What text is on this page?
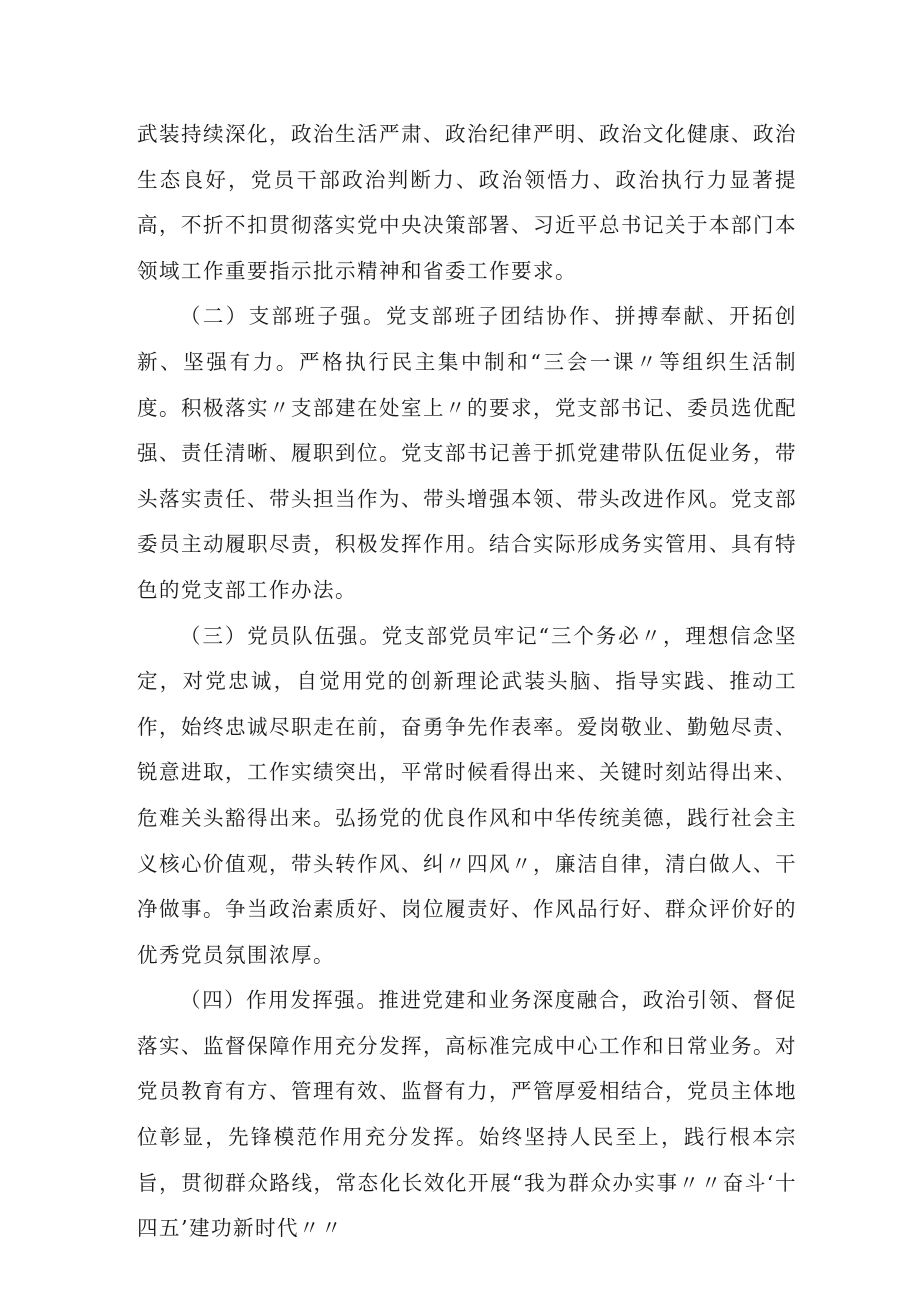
武装持续深化，政治生活严肃、政治纪律严明、政治文化健康、政治生态良好，党员干部政治判断力、政治领悟力、政治执行力显著提高，不折不扣贯彻落实党中央决策部署、习近平总书记关于本部门本领域工作重要指示批示精神和省委工作要求。

（二）支部班子强。党支部班子团结协作、拼搏奉献、开拓创新、坚强有力。严格执行民主集中制和“三会一课〃等组织生活制度。积极落实〃支部建在处室上〃的要求，党支部书记、委员选优配强、责任清晰、履职到位。党支部书记善于抓党建带队伍促业务，带头落实责任、带头担当作为、带头增强本领、带头改进作风。党支部委员主动履职尽责，积极发挥作用。结合实际形成务实管用、具有特色的党支部工作办法。

（三）党员队伍强。党支部党员牢记“三个务必〃，理想信念坚定，对党忠诚，自觉用党的创新理论武装头脑、指导实践、推动工作，始终忠诚尽职走在前，奋勇争先作表率。爱岗敬业、勤勉尽责、锐意进取，工作实绩突出，平常时候看得出来、关键时刻站得出来、危难关头豁得出来。弘扬党的优良作风和中华传统美德，践行社会主义核心价值观，带头转作风、纠〃四风〃，廉洁自律，清白做人、干净做事。争当政治素质好、岗位履责好、作风品行好、群众评价好的优秀党员氛围浓厚。

（四）作用发挥强。推进党建和业务深度融合，政治引领、督促落实、监督保障作用充分发挥，高标准完成中心工作和日常业务。对党员教育有方、管理有效、监督有力，严管厚爱相结合，党员主体地位彰显，先锋模范作用充分发挥。始终坚持人民至上，践行根本宗旨，贯彻群众路线，常态化长效化开展“我为群众办实事〃〃奋斗‘十四五’建功新时代〃〃
